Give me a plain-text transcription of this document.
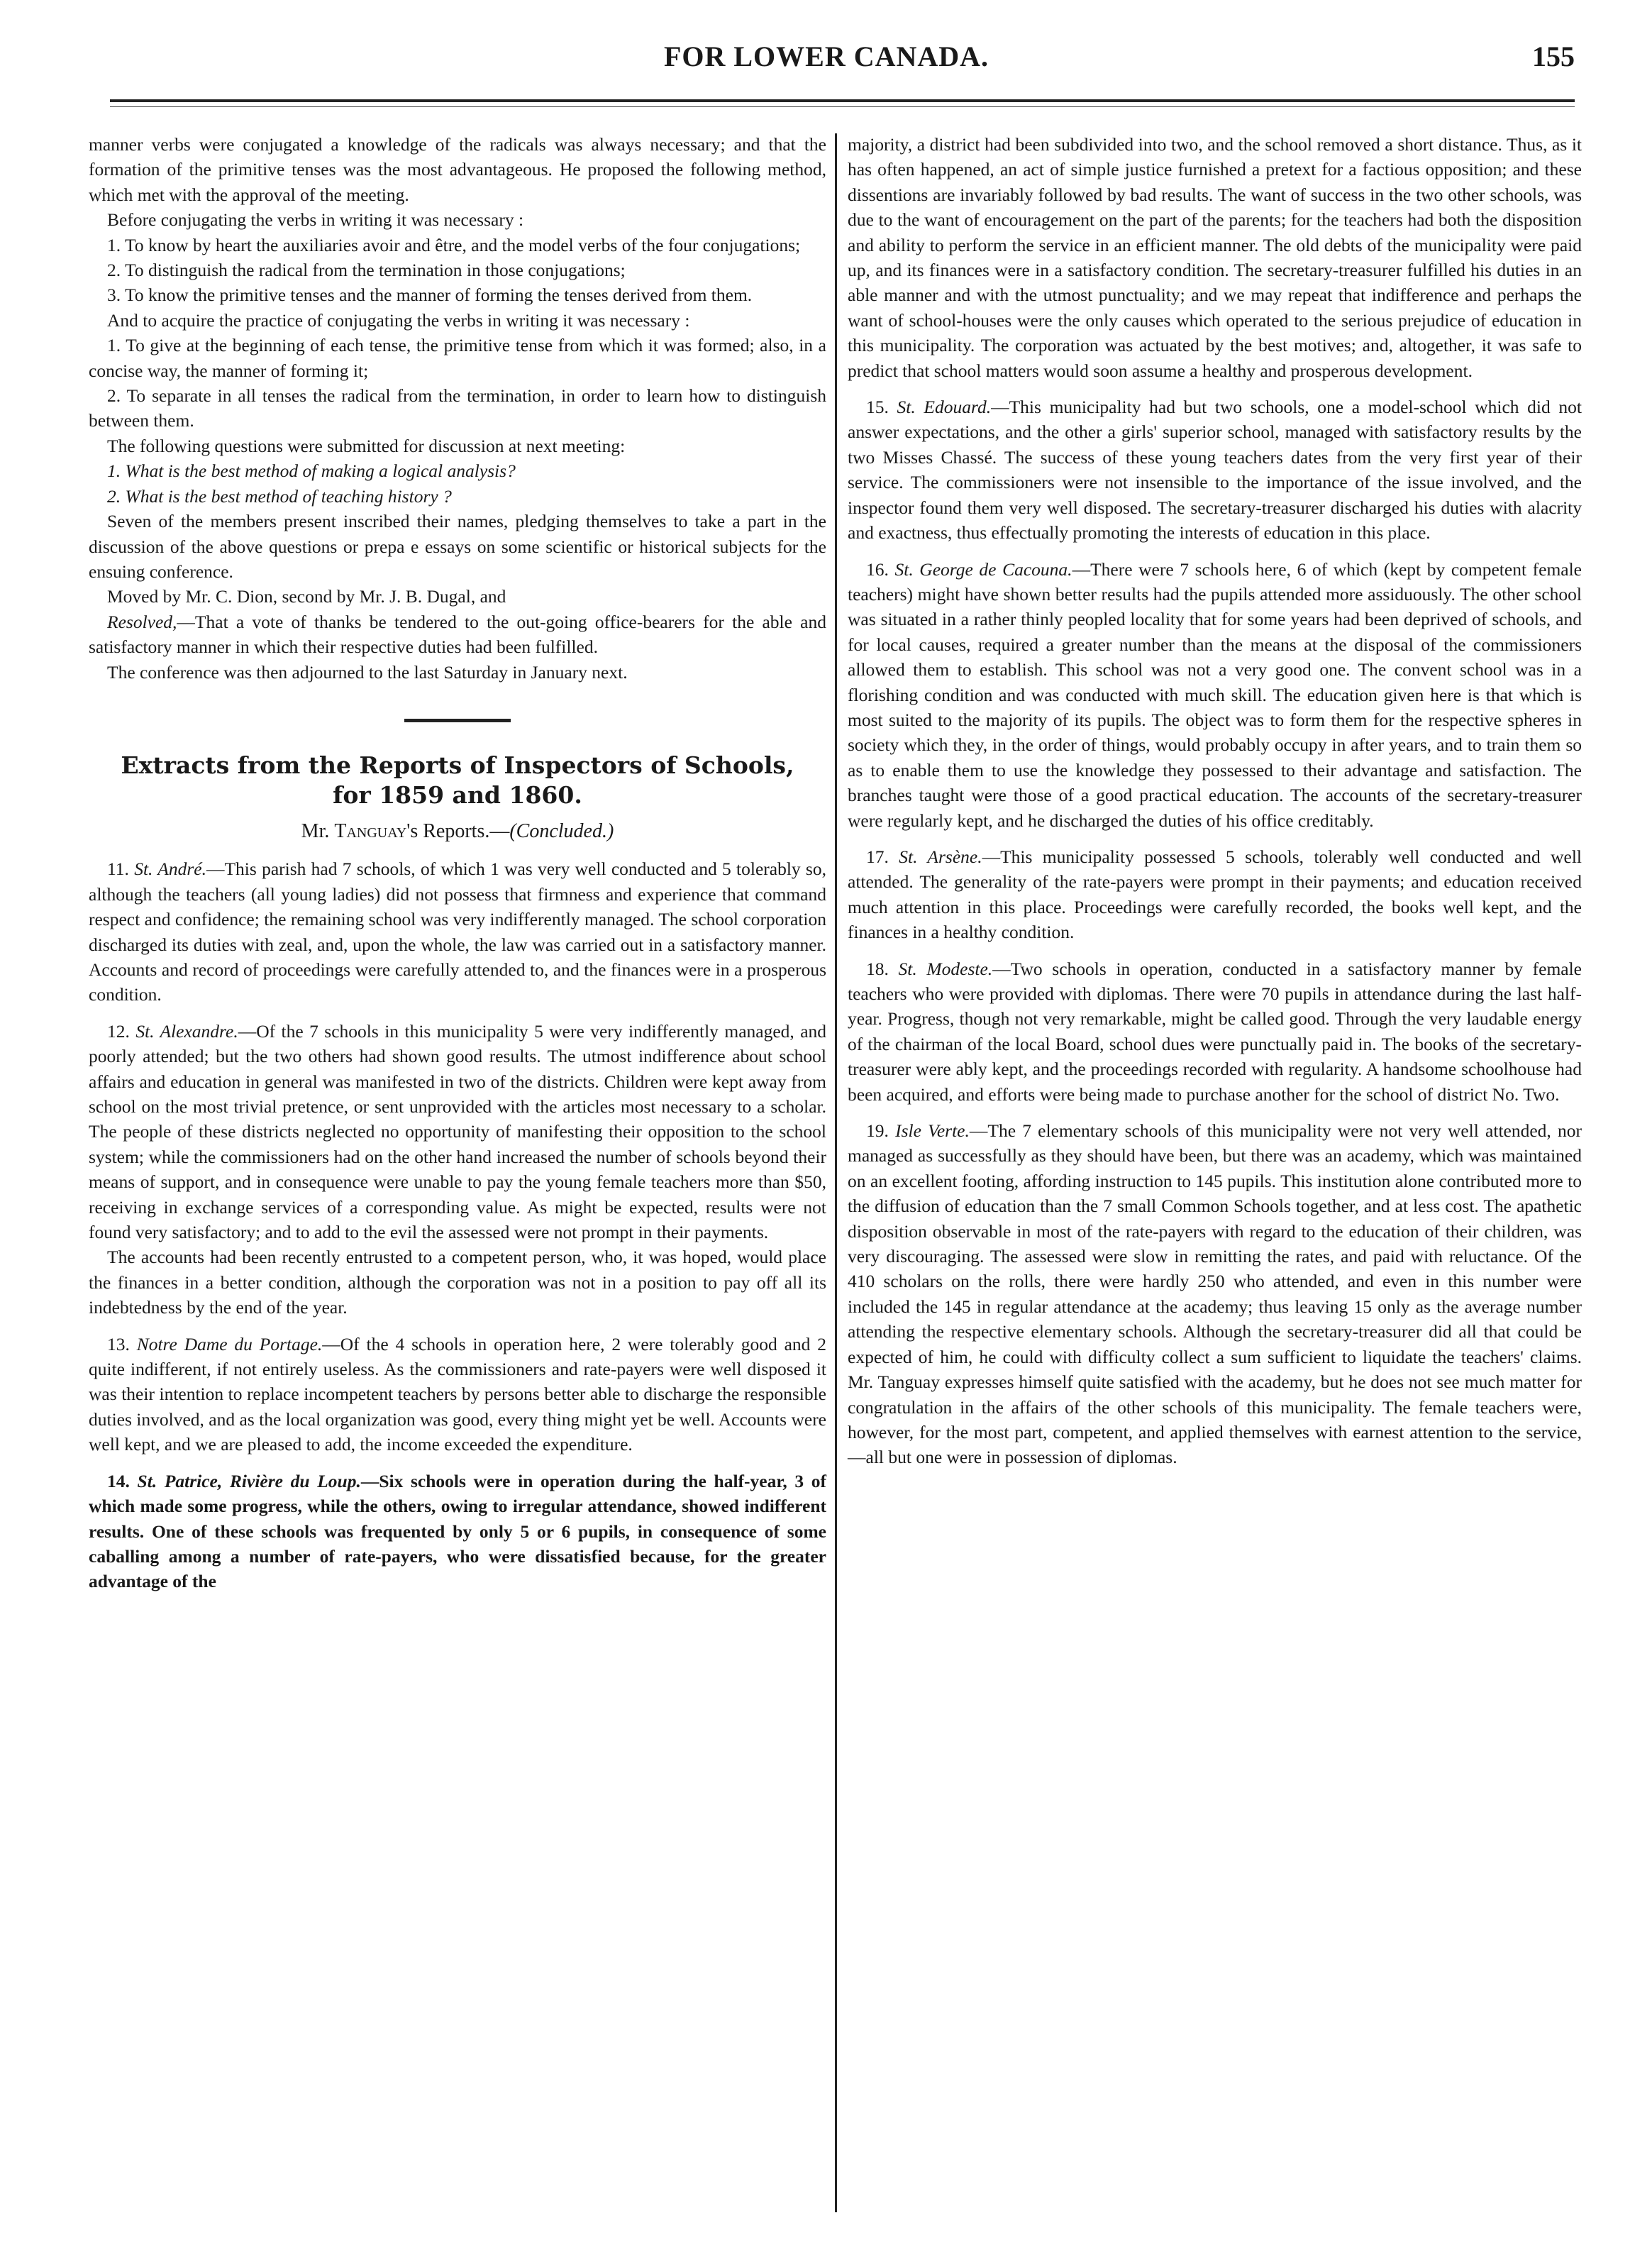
FOR LOWER CANADA.	155

manner verbs were conjugated a knowledge of the radicals was always necessary; and that the formation of the primitive tenses was the most advantageous. He proposed the following method, which met with the approval of the meeting.

Before conjugating the verbs in writing it was necessary :

1. To know by heart the auxiliaries avoir and être, and the model verbs of the four conjugations;

2. To distinguish the radical from the termination in those conjugations;

3. To know the primitive tenses and the manner of forming the tenses derived from them.

And to acquire the practice of conjugating the verbs in writing it was necessary :

1. To give at the beginning of each tense, the primitive tense from which it was formed; also, in a concise way, the manner of forming it;

2. To separate in all tenses the radical from the termination, in order to learn how to distinguish between them.

The following questions were submitted for discussion at next meeting:

1. What is the best method of making a logical analysis?

2. What is the best method of teaching history ?

Seven of the members present inscribed their names, pledging themselves to take a part in the discussion of the above questions or prepa e essays on some scientific or historical subjects for the ensuing conference.

Moved by Mr. C. Dion, second by Mr. J. B. Dugal, and

Resolved,—That a vote of thanks be tendered to the out-going office-bearers for the able and satisfactory manner in which their respective duties had been fulfilled.

The conference was then adjourned to the last Saturday in January next.

Extracts from the Reports of Inspectors of Schools, for 1859 and 1860.
Mr. Tanguay's Reports.—(Concluded.)

11. St. André.—This parish had 7 schools, of which 1 was very well conducted and 5 tolerably so, although the teachers (all young ladies) did not possess that firmness and experience that command respect and confidence; the remaining school was very indifferently managed. The school corporation discharged its duties with zeal, and, upon the whole, the law was carried out in a satisfactory manner. Accounts and record of proceedings were carefully attended to, and the finances were in a prosperous condition.

12. St. Alexandre.—Of the 7 schools in this municipality 5 were very indifferently managed, and poorly attended; but the two others had shown good results. The utmost indifference about school affairs and education in general was manifested in two of the districts. Children were kept away from school on the most trivial pretence, or sent unprovided with the articles most necessary to a scholar. The people of these districts neglected no opportunity of manifesting their opposition to the school system; while the commissioners had on the other hand increased the number of schools beyond their means of support, and in consequence were unable to pay the young female teachers more than $50, receiving in exchange services of a corresponding value. As might be expected, results were not found very satisfactory; and to add to the evil the assessed were not prompt in their payments.

The accounts had been recently entrusted to a competent person, who, it was hoped, would place the finances in a better condition, although the corporation was not in a position to pay off all its indebtedness by the end of the year.

13. Notre Dame du Portage.—Of the 4 schools in operation here, 2 were tolerably good and 2 quite indifferent, if not entirely useless. As the commissioners and rate-payers were well disposed it was their intention to replace incompetent teachers by persons better able to discharge the responsible duties involved, and as the local organization was good, every thing might yet be well. Accounts were well kept, and we are pleased to add, the income exceeded the expenditure.

14. St. Patrice, Rivière du Loup.—Six schools were in operation during the half-year, 3 of which made some progress, while the others, owing to irregular attendance, showed indifferent results. One of these schools was frequented by only 5 or 6 pupils, in consequence of some caballing among a number of rate-payers, who were dissatisfied because, for the greater advantage of the

majority, a district had been subdivided into two, and the school removed a short distance. Thus, as it has often happened, an act of simple justice furnished a pretext for a factious opposition; and these dissentions are invariably followed by bad results. The want of success in the two other schools, was due to the want of encouragement on the part of the parents; for the teachers had both the disposition and ability to perform the service in an efficient manner. The old debts of the municipality were paid up, and its finances were in a satisfactory condition. The secretary-treasurer fulfilled his duties in an able manner and with the utmost punctuality; and we may repeat that indifference and perhaps the want of school-houses were the only causes which operated to the serious prejudice of education in this municipality. The corporation was actuated by the best motives; and, altogether, it was safe to predict that school matters would soon assume a healthy and prosperous development.

15. St. Edouard.—This municipality had but two schools, one a model-school which did not answer expectations, and the other a girls' superior school, managed with satisfactory results by the two Misses Chassé. The success of these young teachers dates from the very first year of their service. The commissioners were not insensible to the importance of the issue involved, and the inspector found them very well disposed. The secretary-treasurer discharged his duties with alacrity and exactness, thus effectually promoting the interests of education in this place.

16. St. George de Cacouna.—There were 7 schools here, 6 of which (kept by competent female teachers) might have shown better results had the pupils attended more assiduously. The other school was situated in a rather thinly peopled locality that for some years had been deprived of schools, and for local causes, required a greater number than the means at the disposal of the commissioners allowed them to establish. This school was not a very good one. The convent school was in a florishing condition and was conducted with much skill. The education given here is that which is most suited to the majority of its pupils. The object was to form them for the respective spheres in society which they, in the order of things, would probably occupy in after years, and to train them so as to enable them to use the knowledge they possessed to their advantage and satisfaction. The branches taught were those of a good practical education. The accounts of the secretary-treasurer were regularly kept, and he discharged the duties of his office creditably.

17. St. Arsène.—This municipality possessed 5 schools, tolerably well conducted and well attended. The generality of the rate-payers were prompt in their payments; and education received much attention in this place. Proceedings were carefully recorded, the books well kept, and the finances in a healthy condition.

18. St. Modeste.—Two schools in operation, conducted in a satisfactory manner by female teachers who were provided with diplomas. There were 70 pupils in attendance during the last half-year. Progress, though not very remarkable, might be called good. Through the very laudable energy of the chairman of the local Board, school dues were punctually paid in. The books of the secretary-treasurer were ably kept, and the proceedings recorded with regularity. A handsome schoolhouse had been acquired, and efforts were being made to purchase another for the school of district No. Two.

19. Isle Verte.—The 7 elementary schools of this municipality were not very well attended, nor managed as successfully as they should have been, but there was an academy, which was maintained on an excellent footing, affording instruction to 145 pupils. This institution alone contributed more to the diffusion of education than the 7 small Common Schools together, and at less cost. The apathetic disposition observable in most of the rate-payers with regard to the education of their children, was very discouraging. The assessed were slow in remitting the rates, and paid with reluctance. Of the 410 scholars on the rolls, there were hardly 250 who attended, and even in this number were included the 145 in regular attendance at the academy; thus leaving 15 only as the average number attending the respective elementary schools. Although the secretary-treasurer did all that could be expected of him, he could with difficulty collect a sum sufficient to liquidate the teachers' claims. Mr. Tanguay expresses himself quite satisfied with the academy, but he does not see much matter for congratulation in the affairs of the other schools of this municipality. The female teachers were, however, for the most part, competent, and applied themselves with earnest attention to the service,—all but one were in possession of diplomas.
